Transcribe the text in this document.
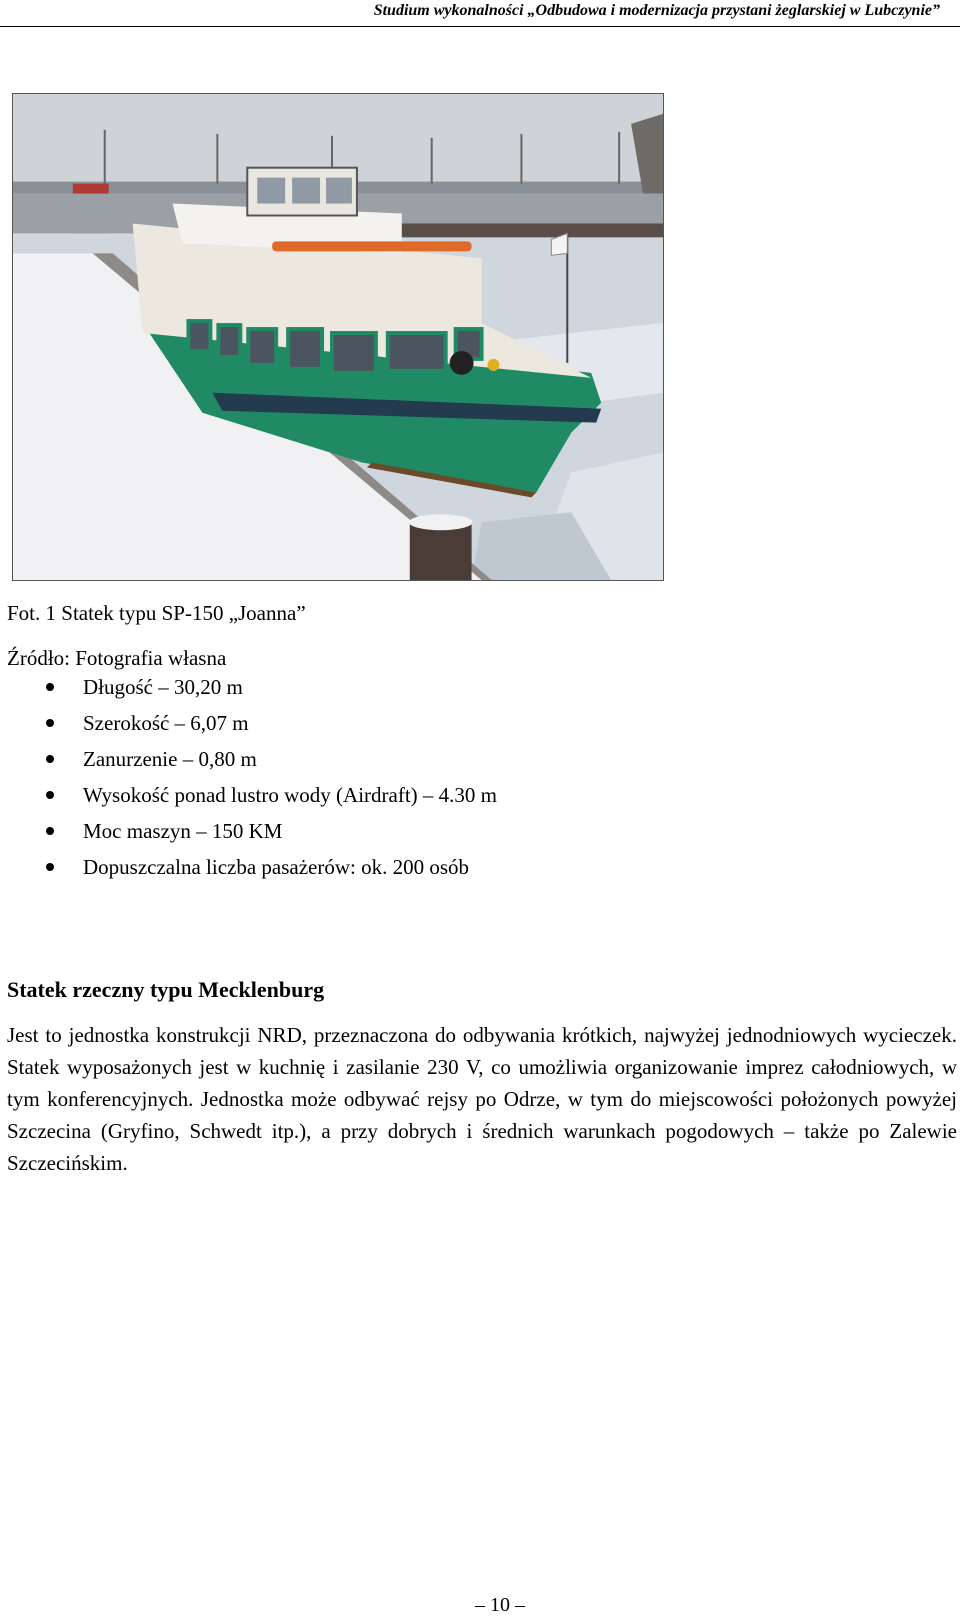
Studium wykonalności „Odbudowa i modernizacja przystani żeglarskiej w Lubczynie”
Fot. 1 Statek typu SP-150 „Joanna”
Źródło: Fotografia własna
Długość – 30,20 m
Szerokość – 6,07 m
Zanurzenie – 0,80 m
Wysokość ponad lustro wody (Airdraft) – 4.30 m
Moc maszyn – 150 KM
Dopuszczalna liczba pasażerów: ok. 200 osób
Statek rzeczny typu Mecklenburg

Jest to jednostka konstrukcji NRD, przeznaczona do odbywania krótkich, najwyżej jednodniowych wycieczek. Statek wyposażonych jest w kuchnię i zasilanie 230 V, co umożliwia organizowanie imprez całodniowych, w tym konferencyjnych. Jednostka może odbywać rejsy po Odrze, w tym do miejscowości położonych powyżej Szczecina (Gryfino, Schwedt itp.), a przy dobrych i średnich warunkach pogodowych – także po Zalewie Szczecińskim.

– 10 –
